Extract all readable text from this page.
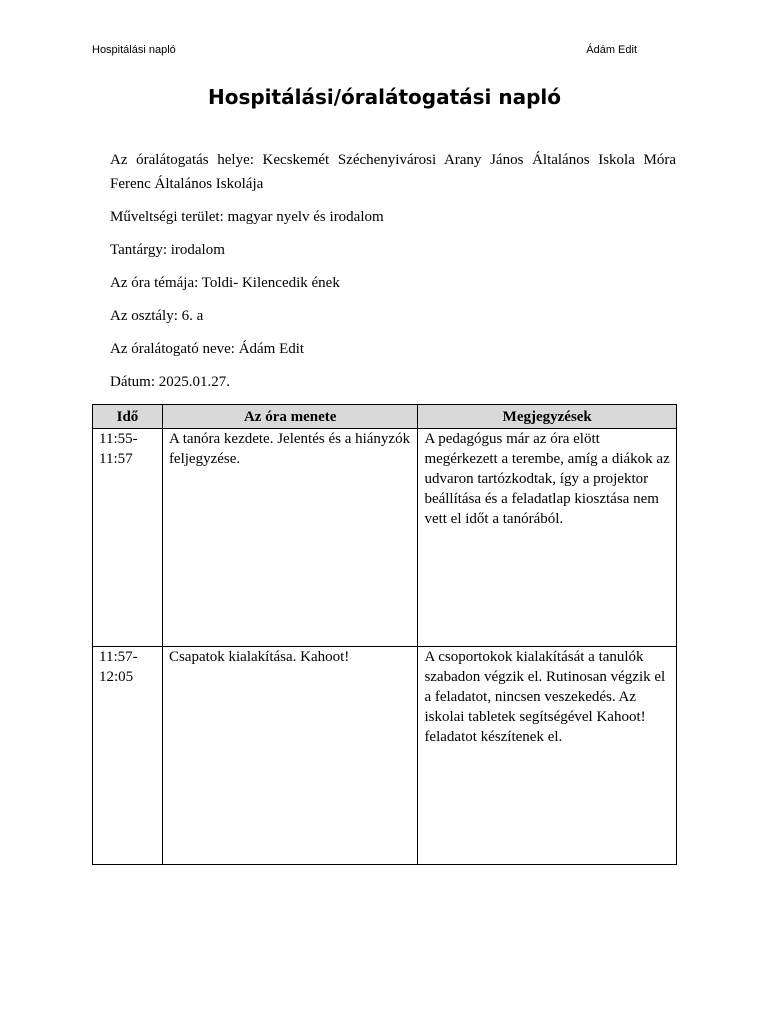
Hospitálási napló	Ádám Edit
Hospitálási/óralátogatási napló

Az óralátogatás helye: Kecskemét Széchenyivárosi Arany János Általános Iskola Móra Ferenc Általános Iskolája

Műveltségi terület: magyar nyelv és irodalom

Tantárgy: irodalom

Az óra témája: Toldi- Kilencedik ének

Az osztály: 6. a

Az óralátogató neve: Ádám Edit

Dátum: 2025.01.27.

Idő	Az óra menete	Megjegyzések
11:55- 11:57	A tanóra kezdete. Jelentés és a hiányzók feljegyzése.	A pedagógus már az óra elött megérkezett a terembe, amíg a diákok az udvaron tartózkodtak, így a projektor beállítása és a feladatlap kiosztása nem vett el időt a tanórából.
11:57- 12:05	Csapatok kialakítása. Kahoot!	A csoportokok kialakítását a tanulók szabadon végzik el. Rutinosan végzik el a feladatot, nincsen veszekedés. Az iskolai tabletek segítségével Kahoot! feladatot készítenek el.
